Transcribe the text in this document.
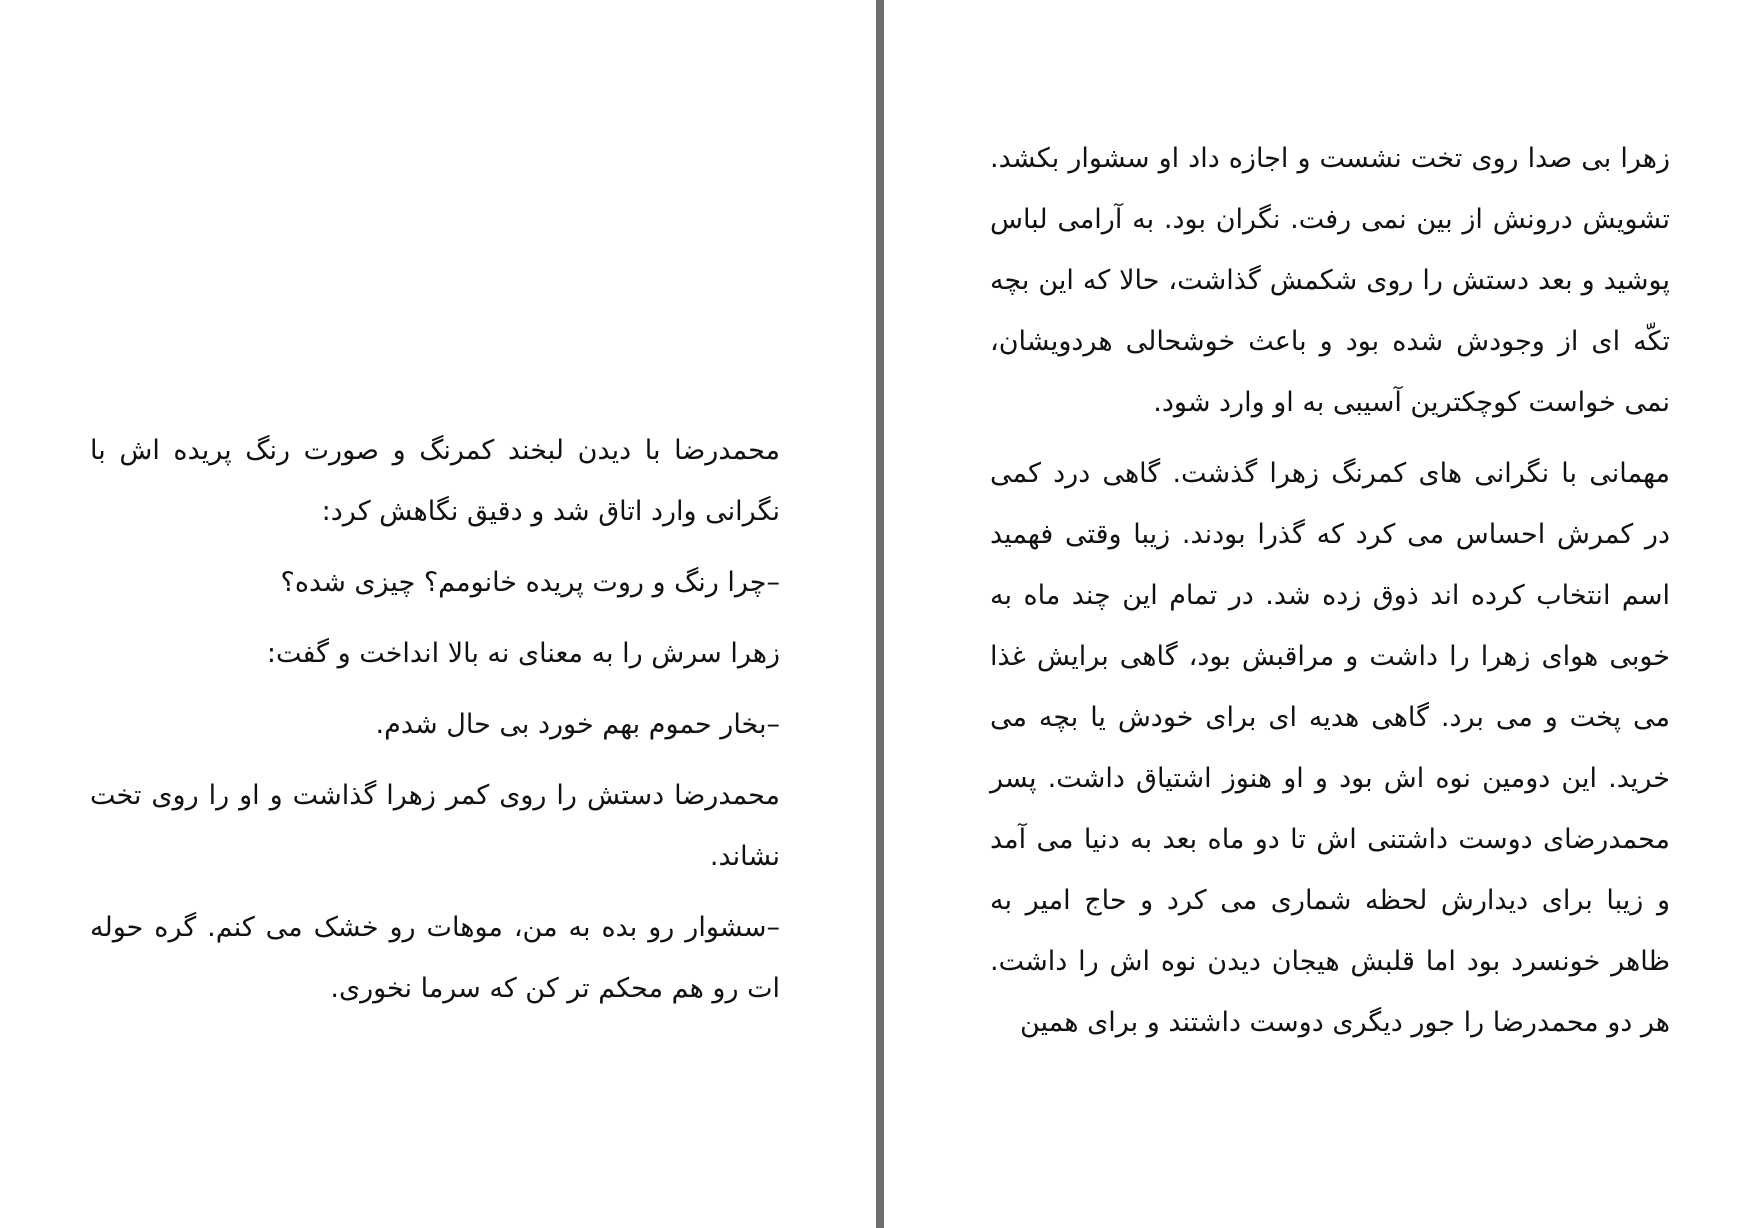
زهرا بی صدا روی تخت نشست و اجازه داد او سشوار بکشد. تشویش درونش از بین نمی رفت. نگران بود. به آرامی لباس پوشید و بعد دستش را روی شکمش گذاشت، حالا که این بچه تکّه ای از وجودش شده بود و باعث خوشحالی هردویشان، نمی خواست کوچکترین آسیبی به او وارد شود.

مهمانی با نگرانی های کمرنگ زهرا گذشت. گاهی درد کمی در کمرش احساس می کرد که گذرا بودند. زیبا وقتی فهمید اسم انتخاب کرده اند ذوق زده شد. در تمام این چند ماه به خوبی هوای زهرا را داشت و مراقبش بود، گاهی برایش غذا می پخت و می برد. گاهی هدیه ای برای خودش یا بچه می خرید. این دومین نوه اش بود و او هنوز اشتیاق داشت. پسر محمدرضای دوست داشتنی اش تا دو ماه بعد به دنیا می آمد و زیبا برای دیدارش لحظه شماری می کرد و حاج امیر به ظاهر خونسرد بود اما قلبش هیجان دیدن نوه اش را داشت. هر دو محمدرضا را جور دیگری دوست داشتند و برای همین

محمدرضا با دیدن لبخند کمرنگ و صورت رنگ پریده اش با نگرانی وارد اتاق شد و دقیق نگاهش کرد:

–چرا رنگ و روت پریده خانومم؟ چیزی شده؟

زهرا سرش را به معنای نه بالا انداخت و گفت:

–بخار حموم بهم خورد بی حال شدم.

محمدرضا دستش را روی کمر زهرا گذاشت و او را روی تخت نشاند.

–سشوار رو بده به من، موهات رو خشک می کنم. گره حوله ات رو هم محکم تر کن که سرما نخوری.
